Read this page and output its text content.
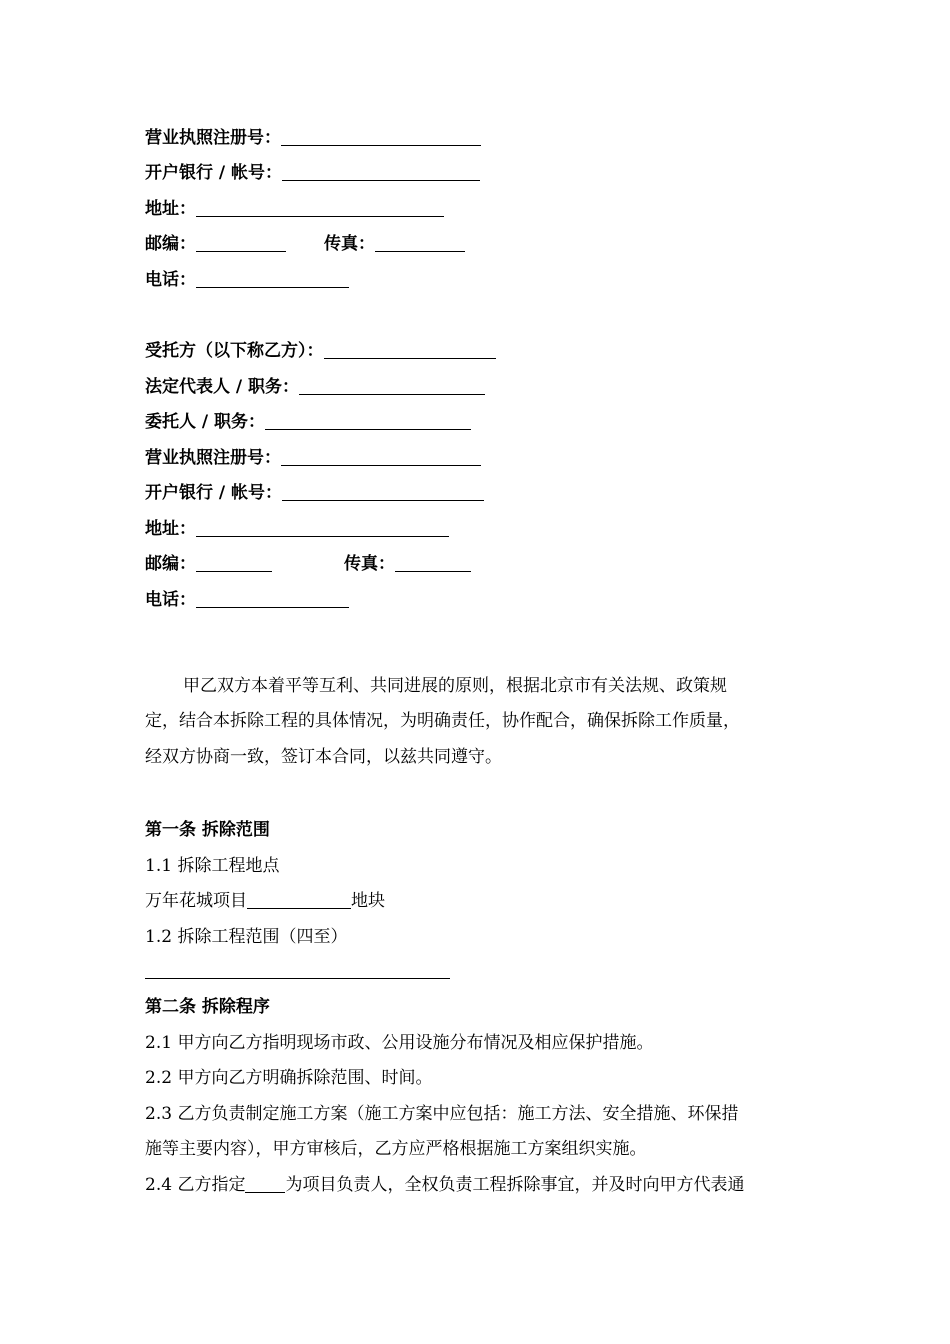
营业执照注册号：
开户银行 / 帐号：
地址：
邮编：	传真：
电话：
受托方（以下称乙方）：
法定代表人 / 职务：
委托人 / 职务：
营业执照注册号：
开户银行 / 帐号：
地址：
邮编：	传真：
电话：
甲乙双方本着平等互利、共同进展的原则，根据北京市有关法规、政策规
定，结合本拆除工程的具体情况，为明确责任，协作配合，确保拆除工作质量，
经双方协商一致，签订本合同，以兹共同遵守。
第一条 拆除范围
1.1 拆除工程地点
万年花城项目	地块
1.2 拆除工程范围（四至）
第二条 拆除程序
2.1 甲方向乙方指明现场市政、公用设施分布情况及相应保护措施。
2.2 甲方向乙方明确拆除范围、时间。
2.3 乙方负责制定施工方案（施工方案中应包括：施工方法、安全措施、环保措
施等主要内容），甲方审核后，乙方应严格根据施工方案组织实施。
2.4 乙方指定 为项目负责人，全权负责工程拆除事宜，并及时向甲方代表通
